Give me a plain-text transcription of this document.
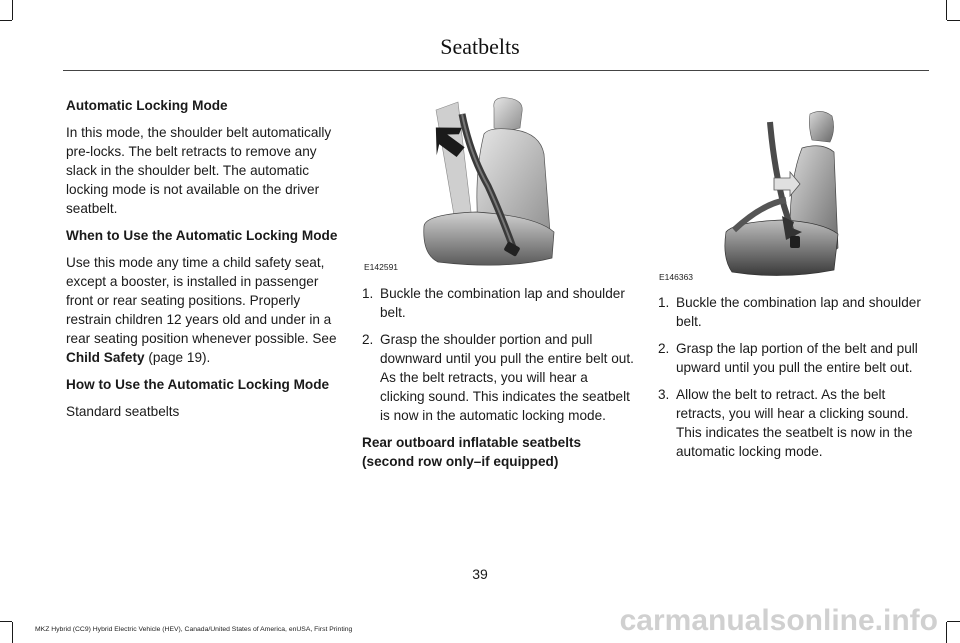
Seatbelts
Automatic Locking Mode
In this mode, the shoulder belt automatically pre-locks. The belt retracts to remove any slack in the shoulder belt. The automatic locking mode is not available on the driver seatbelt.
When to Use the Automatic Locking Mode
Use this mode any time a child safety seat, except a booster, is installed in passenger front or rear seating positions. Properly restrain children 12 years old and under in a rear seating position whenever possible. See Child Safety (page 19).
How to Use the Automatic Locking Mode
Standard seatbelts
E142591
E146363
1. Buckle the combination lap and shoulder belt.
2. Grasp the shoulder portion and pull downward until you pull the entire belt out. As the belt retracts, you will hear a clicking sound. This indicates the seatbelt is now in the automatic locking mode.
Rear outboard inflatable seatbelts (second row only–if equipped)
1. Buckle the combination lap and shoulder belt.
2. Grasp the lap portion of the belt and pull upward until you pull the entire belt out.
3. Allow the belt to retract. As the belt retracts, you will hear a clicking sound. This indicates the seatbelt is now in the automatic locking mode.
39
MKZ Hybrid (CC9) Hybrid Electric Vehicle (HEV), Canada/United States of America, enUSA, First Printing	carmanualsonline.info
